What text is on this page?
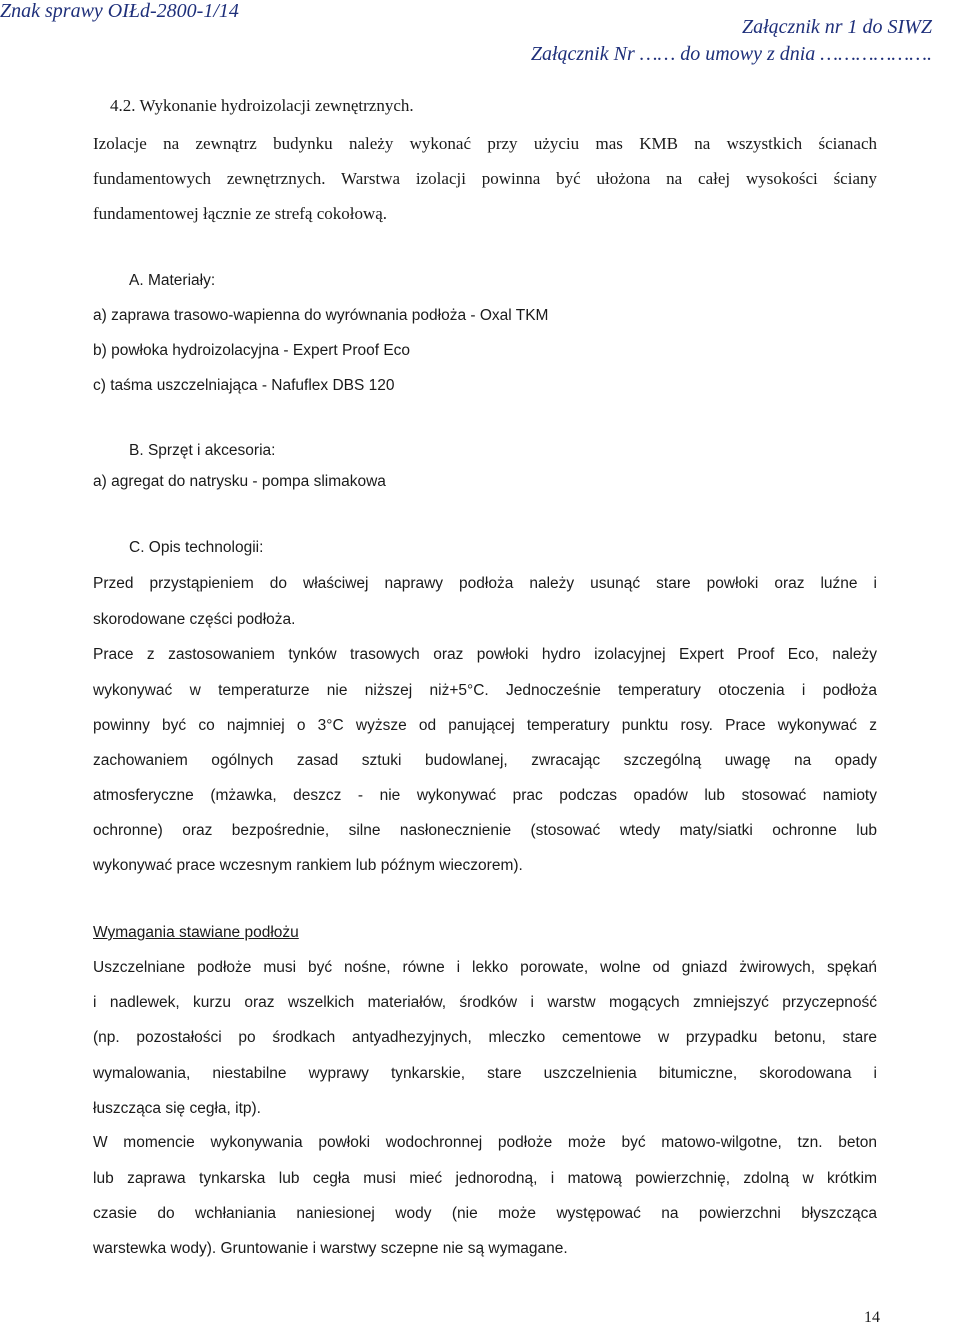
Znak sprawy OIŁd-2800-1/14
Załącznik nr 1 do SIWZ
Załącznik Nr …… do umowy z dnia ……………….
4.2. Wykonanie hydroizolacji zewnętrznych.
Izolacje na zewnątrz budynku należy wykonać przy użyciu mas KMB na wszystkich ścianach
fundamentowych zewnętrznych. Warstwa izolacji powinna być ułożona na całej wysokości ściany
fundamentowej łącznie ze strefą cokołową.
A. Materiały:
a) zaprawa trasowo-wapienna do wyrównania podłoża - Oxal TKM
b) powłoka hydroizolacyjna - Expert Proof Eco
c) taśma uszczelniająca - Nafuflex DBS 120
B. Sprzęt i akcesoria:
a) agregat do natrysku - pompa slimakowa
C. Opis technologii:
Przed przystąpieniem do właściwej naprawy podłoża należy usunąć stare powłoki oraz luźne i
skorodowane części podłoża.
Prace z zastosowaniem tynków trasowych oraz powłoki hydro izolacyjnej Expert Proof Eco, należy
wykonywać w temperaturze nie niższej niż+5°C. Jednocześnie temperatury otoczenia i podłoża
powinny być co najmniej o 3°C wyższe od panującej temperatury punktu rosy. Prace wykonywać z
zachowaniem ogólnych zasad sztuki budowlanej, zwracając szczególną uwagę na opady
atmosferyczne (mżawka, deszcz - nie wykonywać prac podczas opadów lub stosować namioty
ochronne) oraz bezpośrednie, silne nasłonecznienie (stosować wtedy maty/siatki ochronne lub
wykonywać prace wczesnym rankiem lub późnym wieczorem).
Wymagania stawiane podłożu
Uszczelniane podłoże musi być nośne, równe i lekko porowate, wolne od gniazd żwirowych, spękań
i nadlewek, kurzu oraz wszelkich materiałów, środków i warstw mogących zmniejszyć przyczepność
(np. pozostałości po środkach antyadhezyjnych, mleczko cementowe w przypadku betonu, stare
wymalowania, niestabilne wyprawy tynkarskie, stare uszczelnienia bitumiczne, skorodowana i
łuszcząca się cegła, itp).
W momencie wykonywania powłoki wodochronnej podłoże może być matowo-wilgotne, tzn. beton
lub zaprawa tynkarska lub cegła musi mieć jednorodną, i matową powierzchnię, zdolną w krótkim
czasie do wchłaniania naniesionej wody (nie może występować na powierzchni błyszcząca
warstewka wody). Gruntowanie i warstwy sczepne nie są wymagane.
14
